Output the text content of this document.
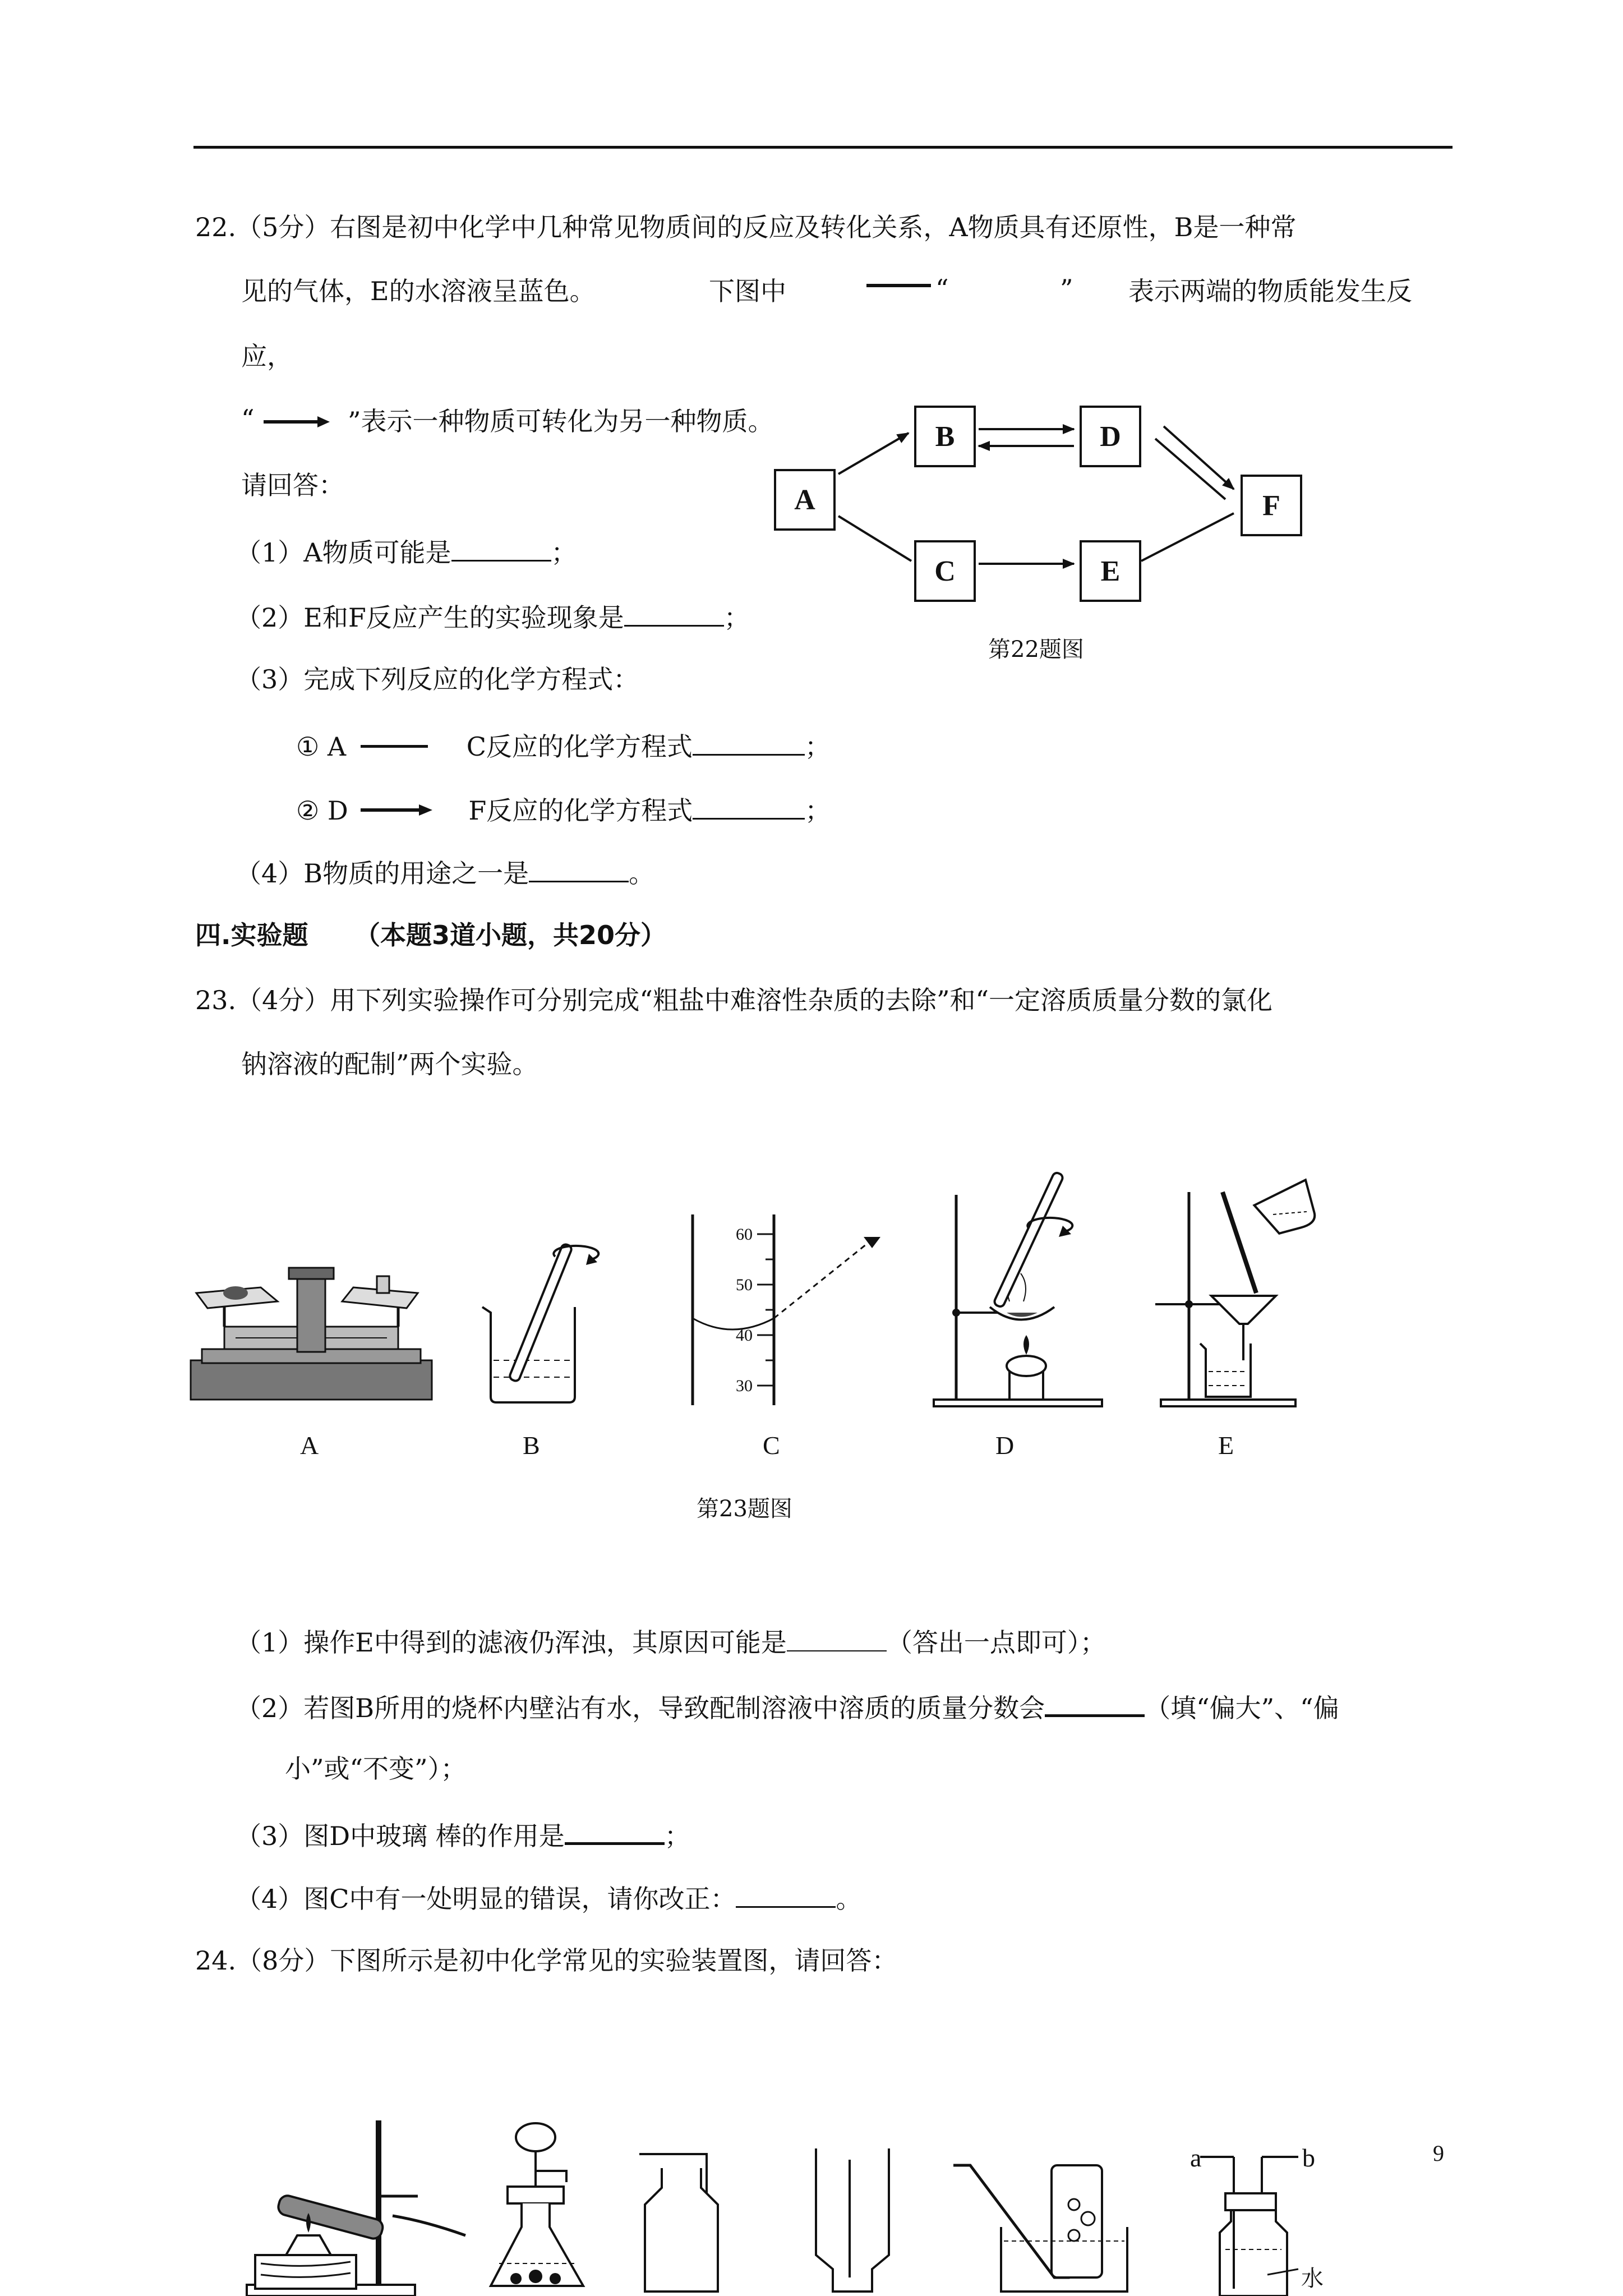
22.（5分）右图是初中化学中几种常见物质间的反应及转化关系，A物质具有还原性，B是一种常
见的气体，E的水溶液呈蓝色。	下图中	“	” 表示两端的物质能发生反
应，
“	”表示一种物质可转化为另一种物质。
请回答：
（1）A物质可能是	；
（2）E和F反应产生的实验现象是	；
（3）完成下列反应的化学方程式：
① A	C反应的化学方程式	；
② D	F反应的化学方程式	；
（4）B物质的用途之一是	。
A
B	D
F
C	E
第22题图
四.实验题 （本题3道小题，共20分）
23.（4分）用下列实验操作可分别完成“粗盐中难溶性杂质的去除”和“一定溶质质量分数的氯化
钠溶液的配制”两个实验。
A	B
60
50
40
30
C	D	E
第23题图
（1）操作E中得到的滤液仍浑浊，其原因可能是	（答出一点即可）；
（2）若图B所用的烧杯内壁沾有水，导致配制溶液中溶质的质量分数会	（填“偏大”、“偏
小”或“不变”）；
（3）图D中玻璃 棒的作用是	；
（4）图C中有一处明显的错误，请你改正：	。
24.（8分）下图所示是初中化学常见的实验装置图，请回答：
a	b
水
9
